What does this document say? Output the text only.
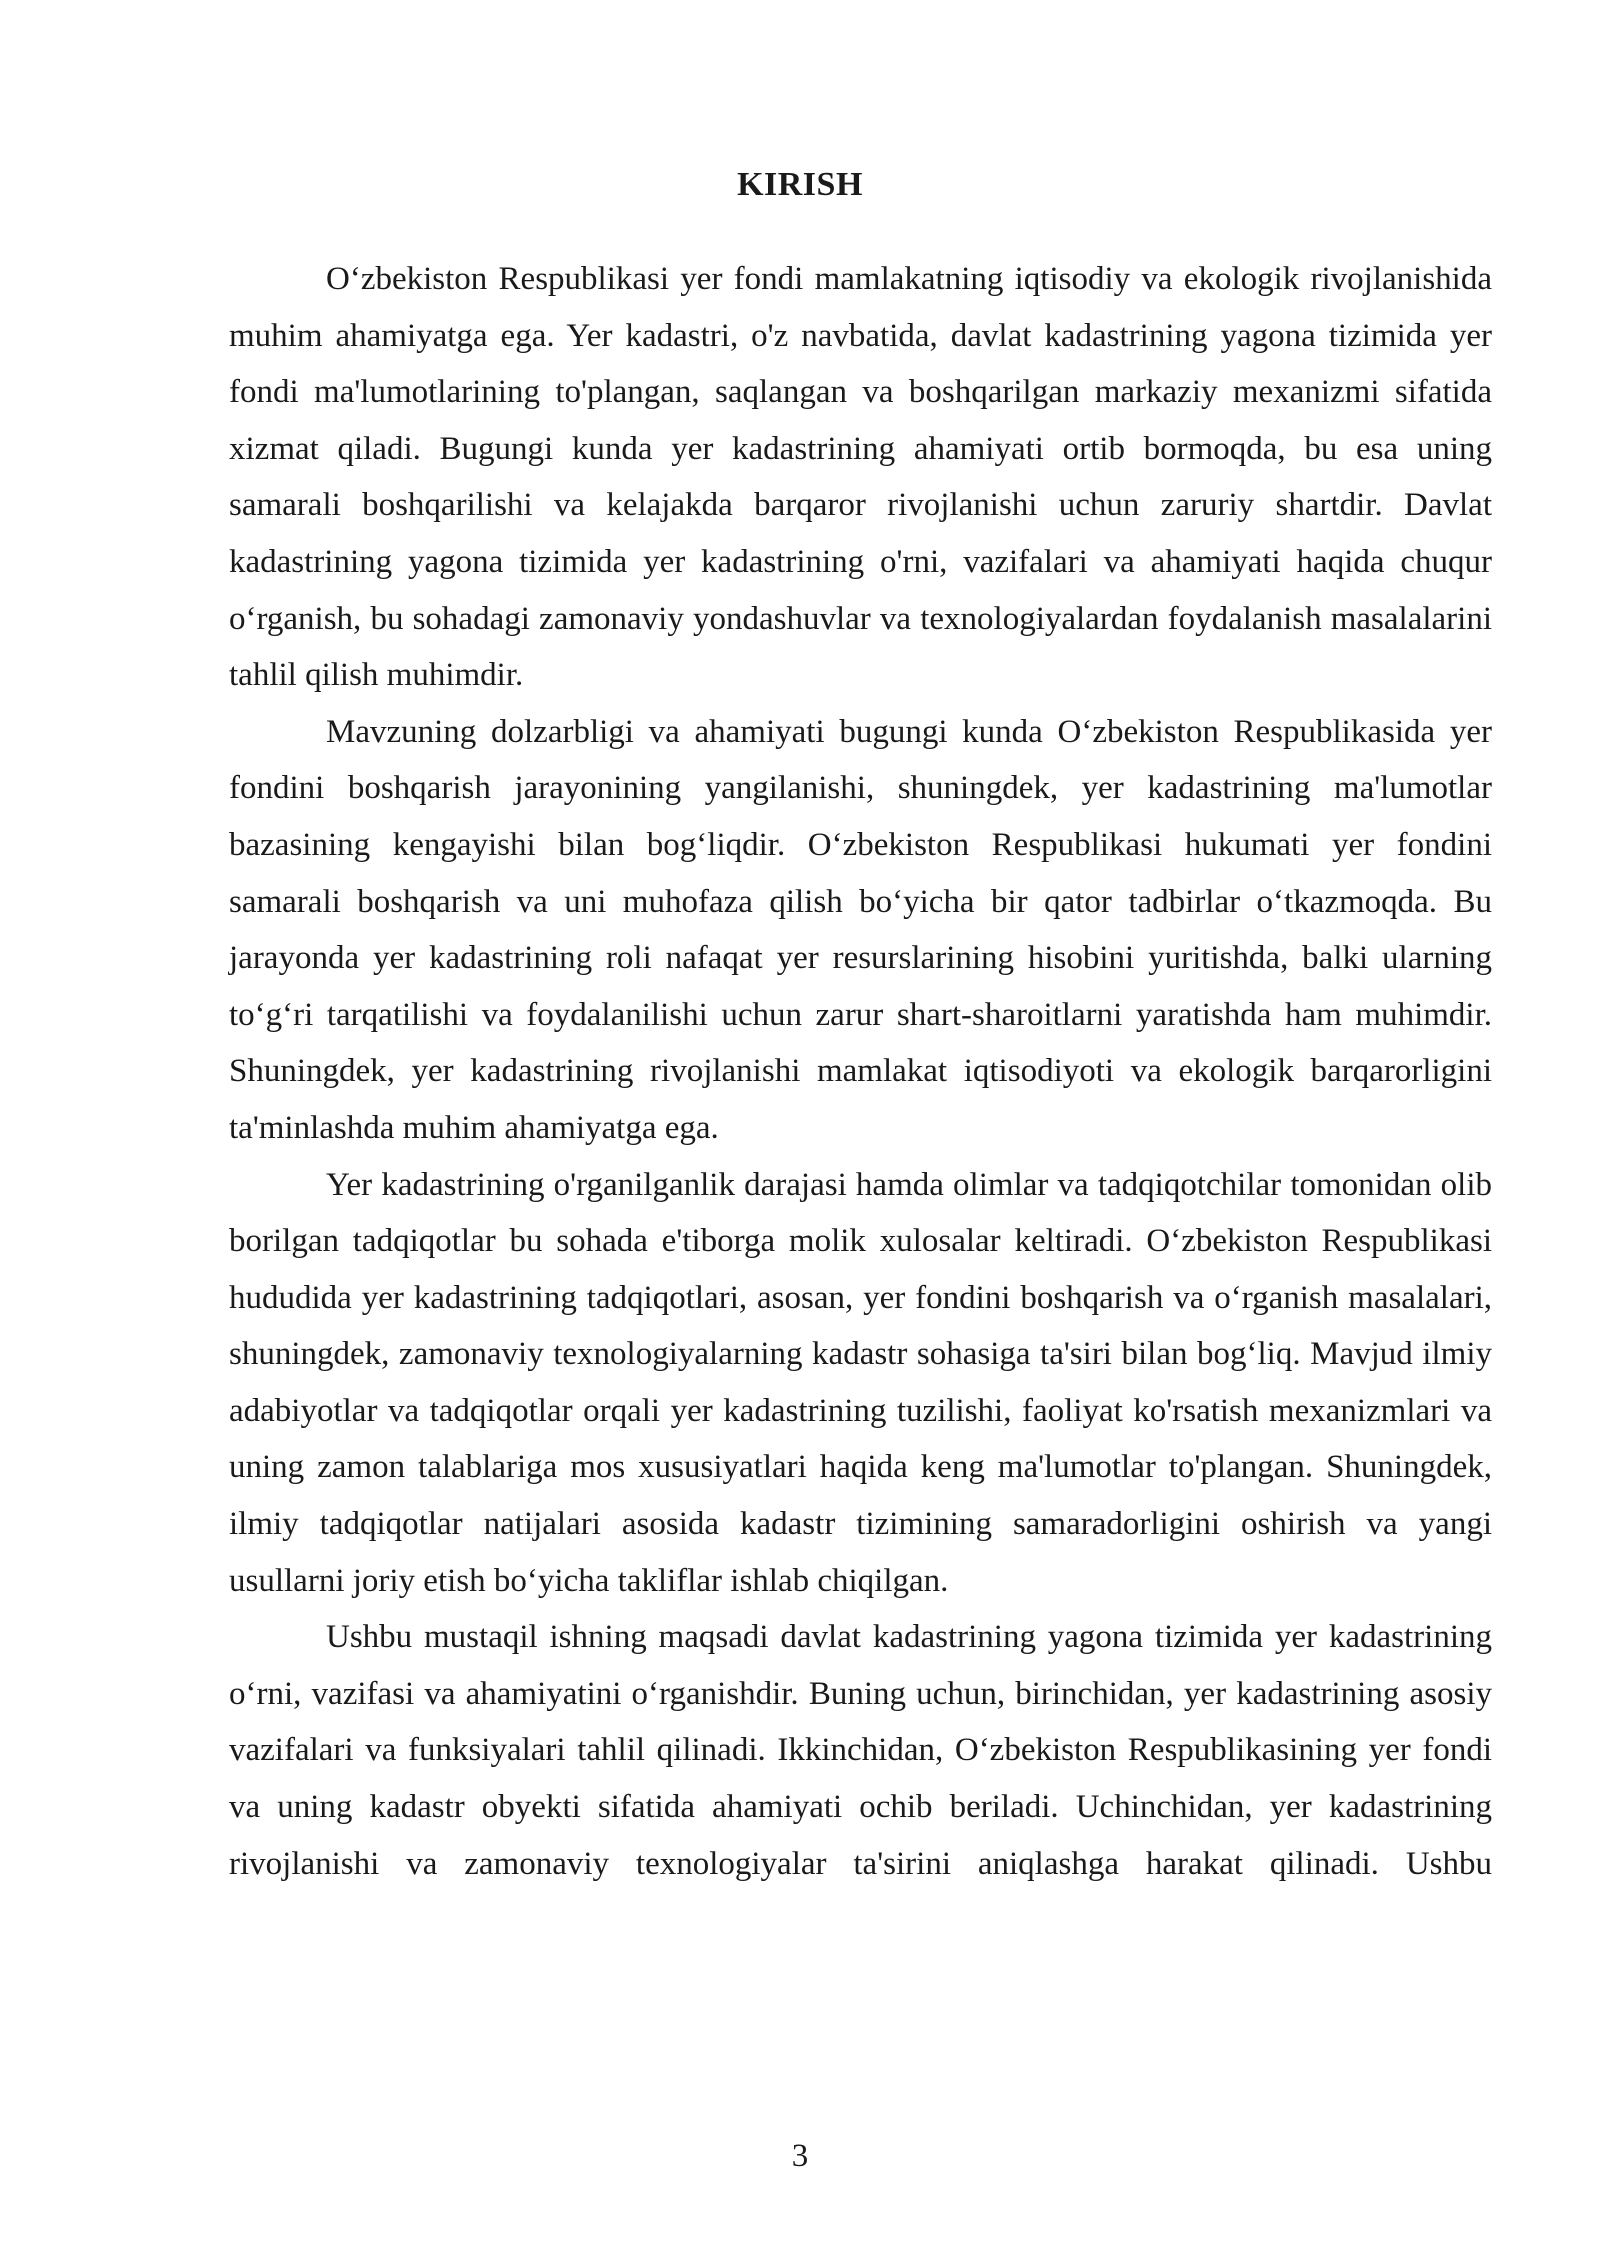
KIRISH

O‘zbekiston Respublikasi yer fondi mamlakatning iqtisodiy va ekologik rivojlanishida muhim ahamiyatga ega. Yer kadastri, o'z navbatida, davlat kadastrining yagona tizimida yer fondi ma'lumotlarining to'plangan, saqlangan va boshqarilgan markaziy mexanizmi sifatida xizmat qiladi. Bugungi kunda yer kadastrining ahamiyati ortib bormoqda, bu esa uning samarali boshqarilishi va kelajakda barqaror rivojlanishi uchun zaruriy shartdir. Davlat kadastrining yagona tizimida yer kadastrining o'rni, vazifalari va ahamiyati haqida chuqur o‘rganish, bu sohadagi zamonaviy yondashuvlar va texnologiyalardan foydalanish masalalarini tahlil qilish muhimdir.

Mavzuning dolzarbligi va ahamiyati bugungi kunda O‘zbekiston Respublikasida yer fondini boshqarish jarayonining yangilanishi, shuningdek, yer kadastrining ma'lumotlar bazasining kengayishi bilan bog‘liqdir. O‘zbekiston Respublikasi hukumati yer fondini samarali boshqarish va uni muhofaza qilish bo‘yicha bir qator tadbirlar o‘tkazmoqda. Bu jarayonda yer kadastrining roli nafaqat yer resurslarining hisobini yuritishda, balki ularning to‘g‘ri tarqatilishi va foydalanilishi uchun zarur shart-sharoitlarni yaratishda ham muhimdir. Shuningdek, yer kadastrining rivojlanishi mamlakat iqtisodiyoti va ekologik barqarorligini ta'minlashda muhim ahamiyatga ega.

Yer kadastrining o'rganilganlik darajasi hamda olimlar va tadqiqotchilar tomonidan olib borilgan tadqiqotlar bu sohada e'tiborga molik xulosalar keltiradi. O‘zbekiston Respublikasi hududida yer kadastrining tadqiqotlari, asosan, yer fondini boshqarish va o‘rganish masalalari, shuningdek, zamonaviy texnologiyalarning kadastr sohasiga ta'siri bilan bog‘liq. Mavjud ilmiy adabiyotlar va tadqiqotlar orqali yer kadastrining tuzilishi, faoliyat ko'rsatish mexanizmlari va uning zamon talablariga mos xususiyatlari haqida keng ma'lumotlar to'plangan. Shuningdek, ilmiy tadqiqotlar natijalari asosida kadastr tizimining samaradorligini oshirish va yangi usullarni joriy etish bo‘yicha takliflar ishlab chiqilgan.

Ushbu mustaqil ishning maqsadi davlat kadastrining yagona tizimida yer kadastrining o‘rni, vazifasi va ahamiyatini o‘rganishdir. Buning uchun, birinchidan, yer kadastrining asosiy vazifalari va funksiyalari tahlil qilinadi. Ikkinchidan, O‘zbekiston Respublikasining yer fondi va uning kadastr obyekti sifatida ahamiyati ochib beriladi. Uchinchidan, yer kadastrining rivojlanishi va zamonaviy texnologiyalar ta'sirini aniqlashga harakat qilinadi. Ushbu

3
